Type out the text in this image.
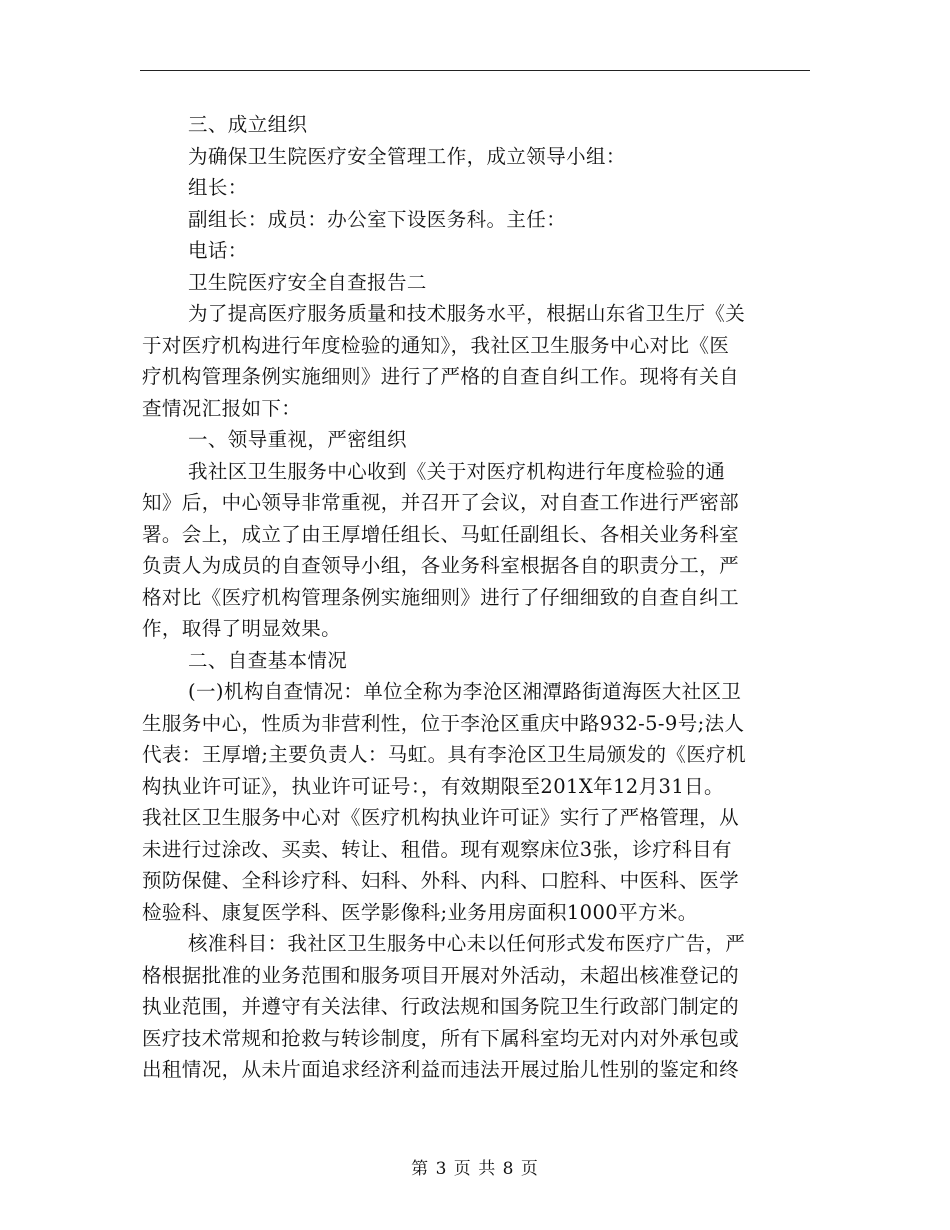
三、成立组织
为确保卫生院医疗安全管理工作，成立领导小组：
组长：
副组长：成员：办公室下设医务科。主任：
电话：
卫生院医疗安全自查报告二
为了提高医疗服务质量和技术服务水平，根据山东省卫生厅《关
于对医疗机构进行年度检验的通知》，我社区卫生服务中心对比《医
疗机构管理条例实施细则》进行了严格的自查自纠工作。现将有关自
查情况汇报如下：
一、领导重视，严密组织
我社区卫生服务中心收到《关于对医疗机构进行年度检验的通
知》后，中心领导非常重视，并召开了会议，对自查工作进行严密部
署。会上，成立了由王厚增任组长、马虹任副组长、各相关业务科室
负责人为成员的自查领导小组，各业务科室根据各自的职责分工，严
格对比《医疗机构管理条例实施细则》进行了仔细细致的自查自纠工
作，取得了明显效果。
二、自查基本情况
(一)机构自查情况：单位全称为李沧区湘潭路街道海医大社区卫
生服务中心，性质为非营利性，位于李沧区重庆中路932-5-9号;法人
代表：王厚增;主要负责人：马虹。具有李沧区卫生局颁发的《医疗机
构执业许可证》，执业许可证号：，有效期限至201X年12月31日。
我社区卫生服务中心对《医疗机构执业许可证》实行了严格管理，从
未进行过涂改、买卖、转让、租借。现有观察床位3张，诊疗科目有
预防保健、全科诊疗科、妇科、外科、内科、口腔科、中医科、医学
检验科、康复医学科、医学影像科;业务用房面积1000平方米。
核准科目：我社区卫生服务中心未以任何形式发布医疗广告，严
格根据批准的业务范围和服务项目开展对外活动，未超出核准登记的
执业范围，并遵守有关法律、行政法规和国务院卫生行政部门制定的
医疗技术常规和抢救与转诊制度，所有下属科室均无对内对外承包或
出租情况，从未片面追求经济利益而违法开展过胎儿性别的鉴定和终
第 3 页 共 8 页
